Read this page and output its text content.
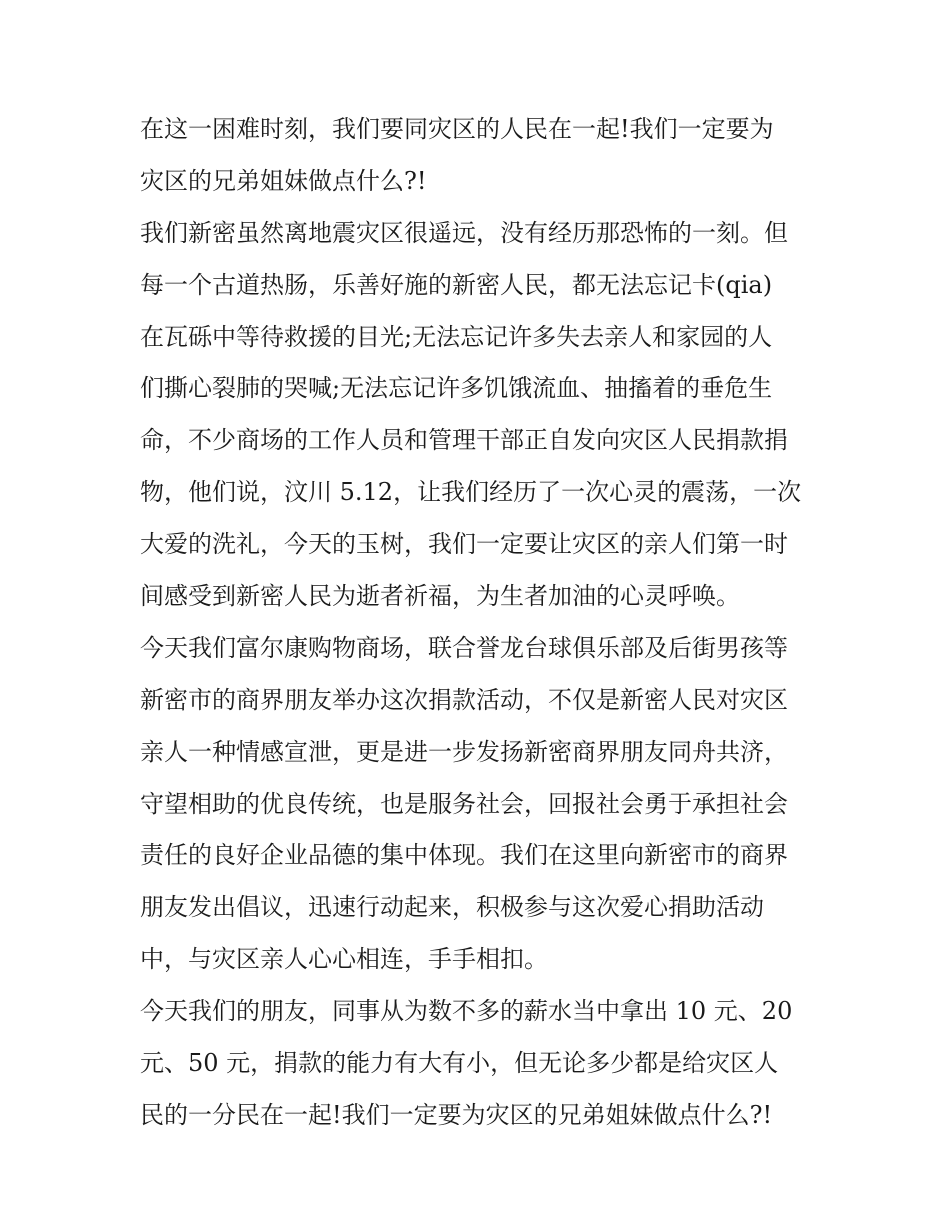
在这一困难时刻，我们要同灾区的人民在一起!我们一定要为
灾区的兄弟姐妹做点什么?!
我们新密虽然离地震灾区很遥远，没有经历那恐怖的一刻。但
每一个古道热肠，乐善好施的新密人民，都无法忘记卡(qia)
在瓦砾中等待救援的目光;无法忘记许多失去亲人和家园的人
们撕心裂肺的哭喊;无法忘记许多饥饿流血、抽搐着的垂危生
命，不少商场的工作人员和管理干部正自发向灾区人民捐款捐
物，他们说，汶川 5.12，让我们经历了一次心灵的震荡，一次
大爱的洗礼，今天的玉树，我们一定要让灾区的亲人们第一时
间感受到新密人民为逝者祈福，为生者加油的心灵呼唤。
今天我们富尔康购物商场，联合誉龙台球俱乐部及后街男孩等
新密市的商界朋友举办这次捐款活动，不仅是新密人民对灾区
亲人一种情感宣泄，更是进一步发扬新密商界朋友同舟共济，
守望相助的优良传统，也是服务社会，回报社会勇于承担社会
责任的良好企业品德的集中体现。我们在这里向新密市的商界
朋友发出倡议，迅速行动起来，积极参与这次爱心捐助活动
中，与灾区亲人心心相连，手手相扣。
今天我们的朋友，同事从为数不多的薪水当中拿出 10 元、20
元、50 元，捐款的能力有大有小，但无论多少都是给灾区人
民的一分民在一起!我们一定要为灾区的兄弟姐妹做点什么?!
